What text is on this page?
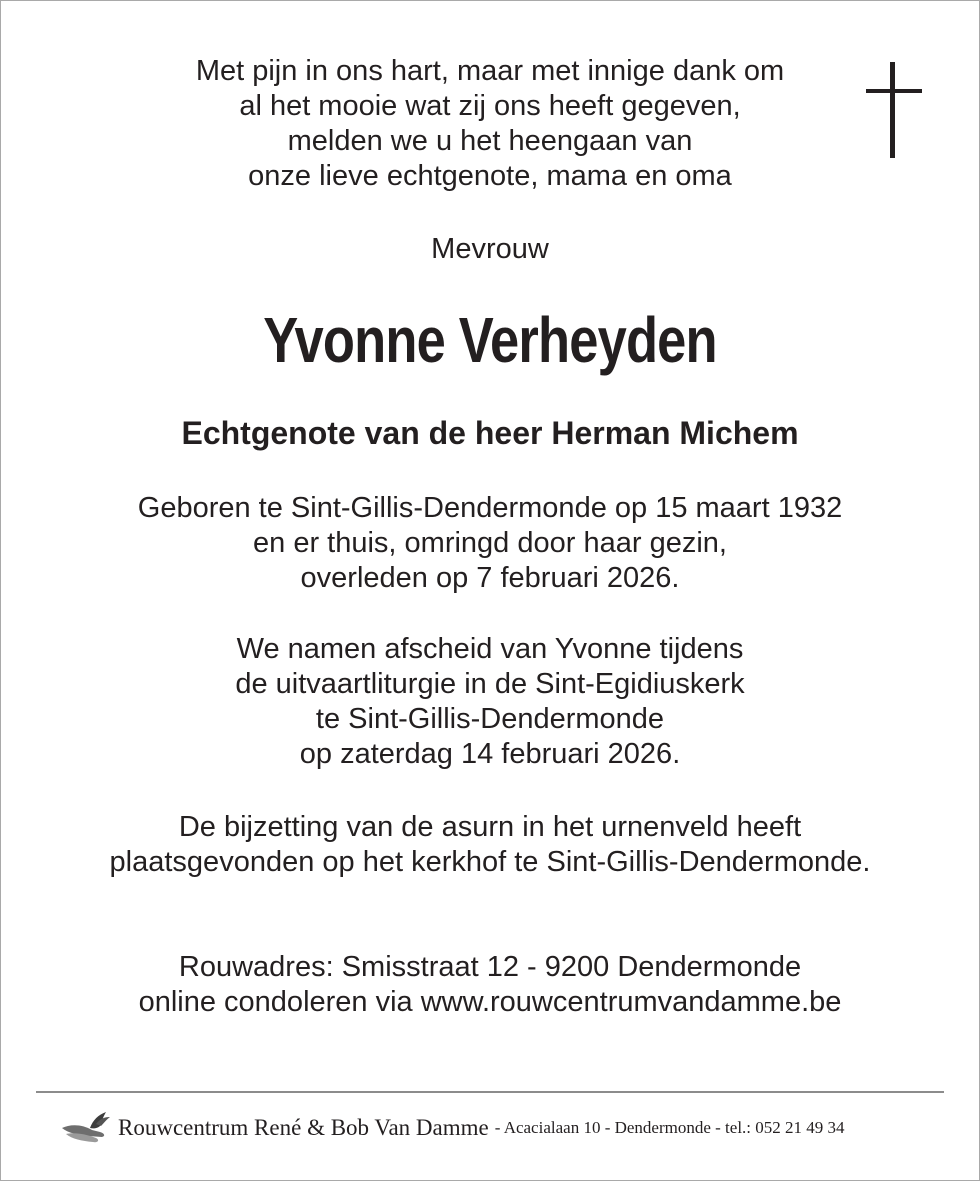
Met pijn in ons hart, maar met innige dank om
al het mooie wat zij ons heeft gegeven,
melden we u het heengaan van
onze lieve echtgenote, mama en oma
Mevrouw
Yvonne Verheyden
Echtgenote van de heer Herman Michem
Geboren te Sint-Gillis-Dendermonde op 15 maart 1932
en er thuis, omringd door haar gezin,
overleden op 7 februari 2026.
We namen afscheid van Yvonne tijdens
de uitvaartliturgie in de Sint-Egidiuskerk
te Sint-Gillis-Dendermonde
op zaterdag 14 februari 2026.
De bijzetting van de asurn in het urnenveld heeft
plaatsgevonden op het kerkhof te Sint-Gillis-Dendermonde.
Rouwadres: Smisstraat 12 - 9200 Dendermonde
online condoleren via www.rouwcentrumvandamme.be
Rouwcentrum René & Bob Van Damme - Acacialaan 10 - Dendermonde - tel.: 052 21 49 34
